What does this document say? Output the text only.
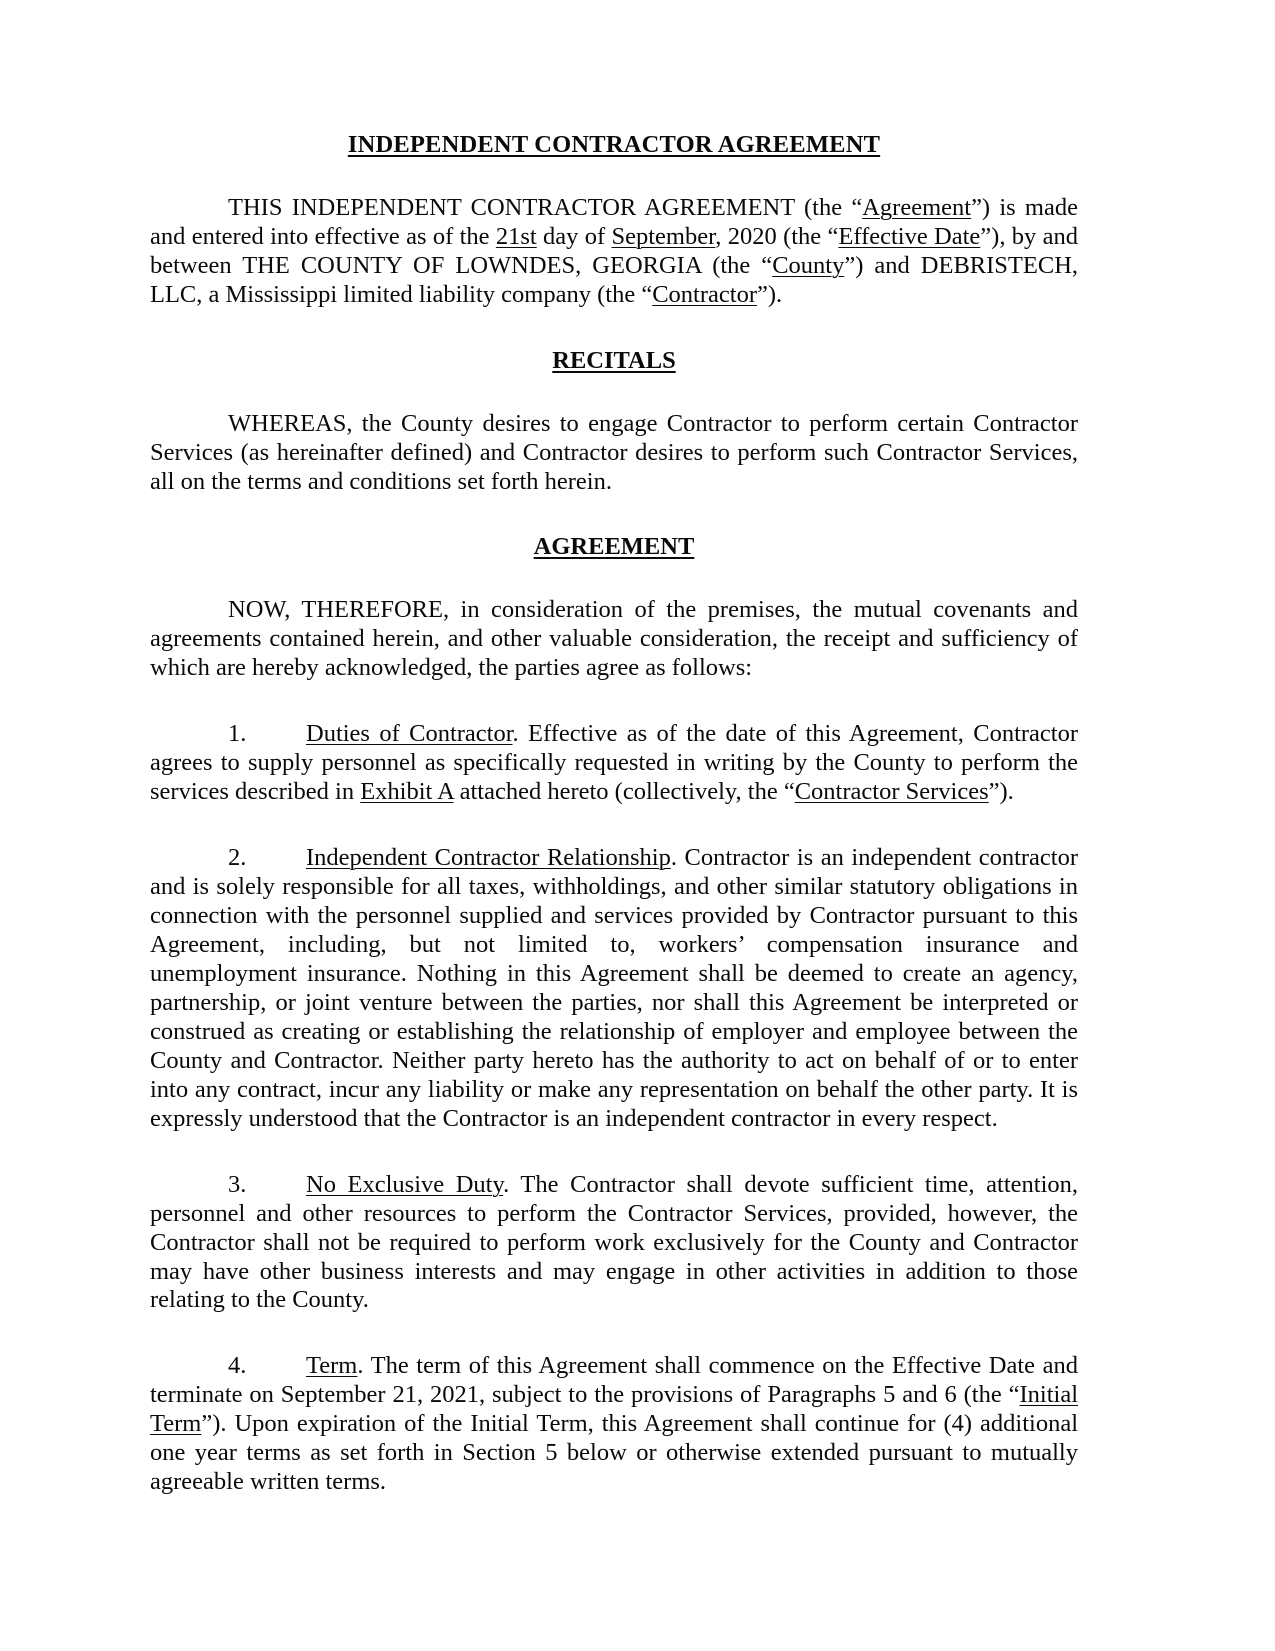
INDEPENDENT CONTRACTOR AGREEMENT

THIS INDEPENDENT CONTRACTOR AGREEMENT (the “Agreement”) is made and entered into effective as of the 21st day of September, 2020 (the “Effective Date”), by and between THE COUNTY OF LOWNDES, GEORGIA (the “County”) and DEBRISTECH, LLC, a Mississippi limited liability company (the “Contractor”).

RECITALS

WHEREAS, the County desires to engage Contractor to perform certain Contractor Services (as hereinafter defined) and Contractor desires to perform such Contractor Services, all on the terms and conditions set forth herein.

AGREEMENT

NOW, THEREFORE, in consideration of the premises, the mutual covenants and agreements contained herein, and other valuable consideration, the receipt and sufficiency of which are hereby acknowledged, the parties agree as follows:

1. Duties of Contractor. Effective as of the date of this Agreement, Contractor agrees to supply personnel as specifically requested in writing by the County to perform the services described in Exhibit A attached hereto (collectively, the “Contractor Services”).

2. Independent Contractor Relationship. Contractor is an independent contractor and is solely responsible for all taxes, withholdings, and other similar statutory obligations in connection with the personnel supplied and services provided by Contractor pursuant to this Agreement, including, but not limited to, workers’ compensation insurance and unemployment insurance. Nothing in this Agreement shall be deemed to create an agency, partnership, or joint venture between the parties, nor shall this Agreement be interpreted or construed as creating or establishing the relationship of employer and employee between the County and Contractor. Neither party hereto has the authority to act on behalf of or to enter into any contract, incur any liability or make any representation on behalf the other party. It is expressly understood that the Contractor is an independent contractor in every respect.

3. No Exclusive Duty. The Contractor shall devote sufficient time, attention, personnel and other resources to perform the Contractor Services, provided, however, the Contractor shall not be required to perform work exclusively for the County and Contractor may have other business interests and may engage in other activities in addition to those relating to the County.

4. Term. The term of this Agreement shall commence on the Effective Date and terminate on September 21, 2021, subject to the provisions of Paragraphs 5 and 6 (the “Initial Term”). Upon expiration of the Initial Term, this Agreement shall continue for (4) additional one year terms as set forth in Section 5 below or otherwise extended pursuant to mutually agreeable written terms.
